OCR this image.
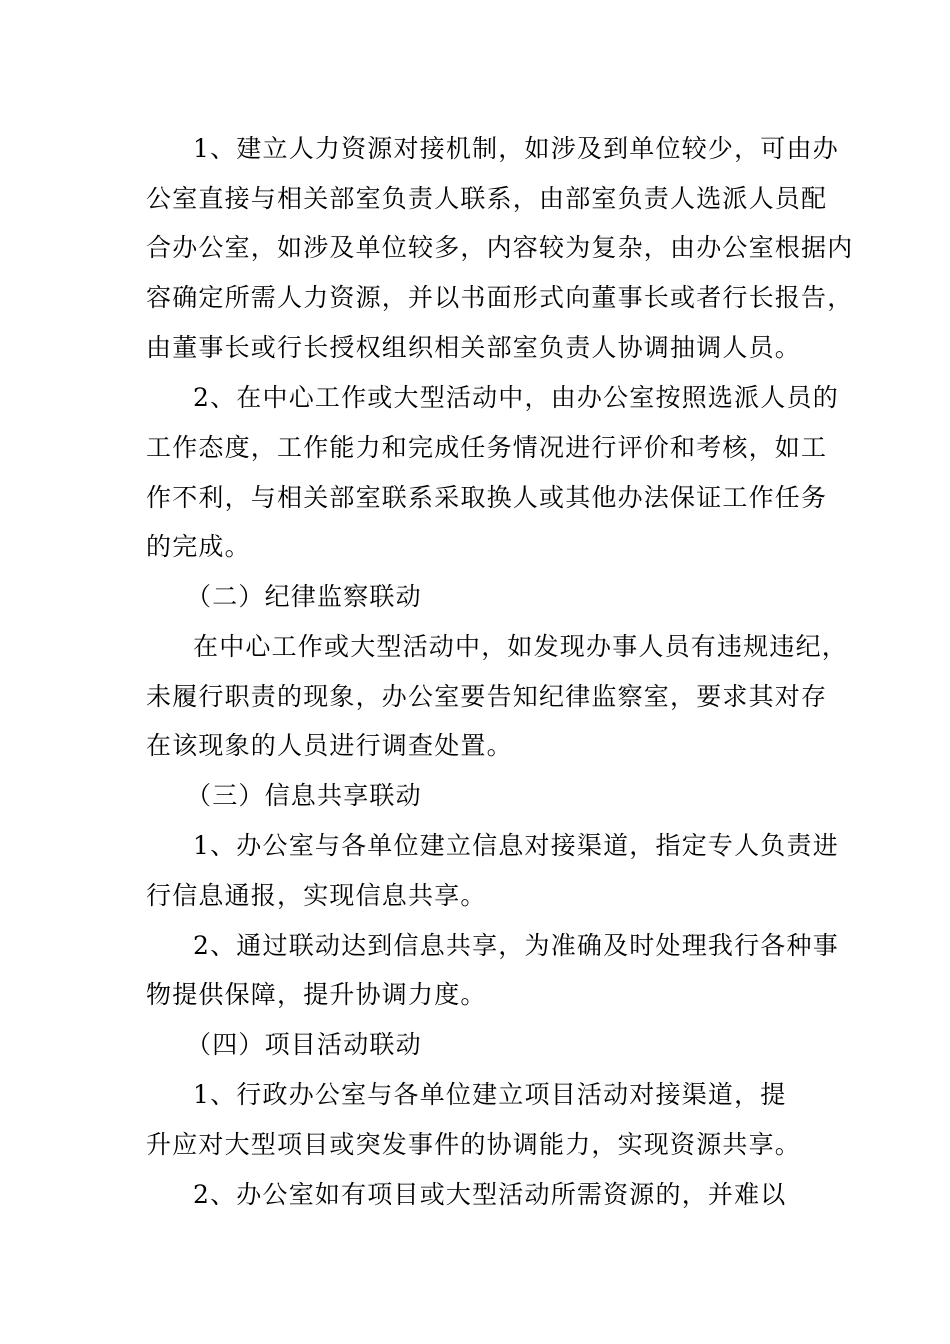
1、建立人力资源对接机制，如涉及到单位较少，可由办
公室直接与相关部室负责人联系，由部室负责人选派人员配
合办公室，如涉及单位较多，内容较为复杂，由办公室根据内
容确定所需人力资源，并以书面形式向董事长或者行长报告，
由董事长或行长授权组织相关部室负责人协调抽调人员。
2、在中心工作或大型活动中，由办公室按照选派人员的
工作态度，工作能力和完成任务情况进行评价和考核，如工
作不利，与相关部室联系采取换人或其他办法保证工作任务
的完成。
（二）纪律监察联动
在中心工作或大型活动中，如发现办事人员有违规违纪，
未履行职责的现象，办公室要告知纪律监察室，要求其对存
在该现象的人员进行调查处置。
（三）信息共享联动
1、办公室与各单位建立信息对接渠道，指定专人负责进
行信息通报，实现信息共享。
2、通过联动达到信息共享，为准确及时处理我行各种事
物提供保障，提升协调力度。
（四）项目活动联动
1、行政办公室与各单位建立项目活动对接渠道，提
升应对大型项目或突发事件的协调能力，实现资源共享。
2、办公室如有项目或大型活动所需资源的，并难以
